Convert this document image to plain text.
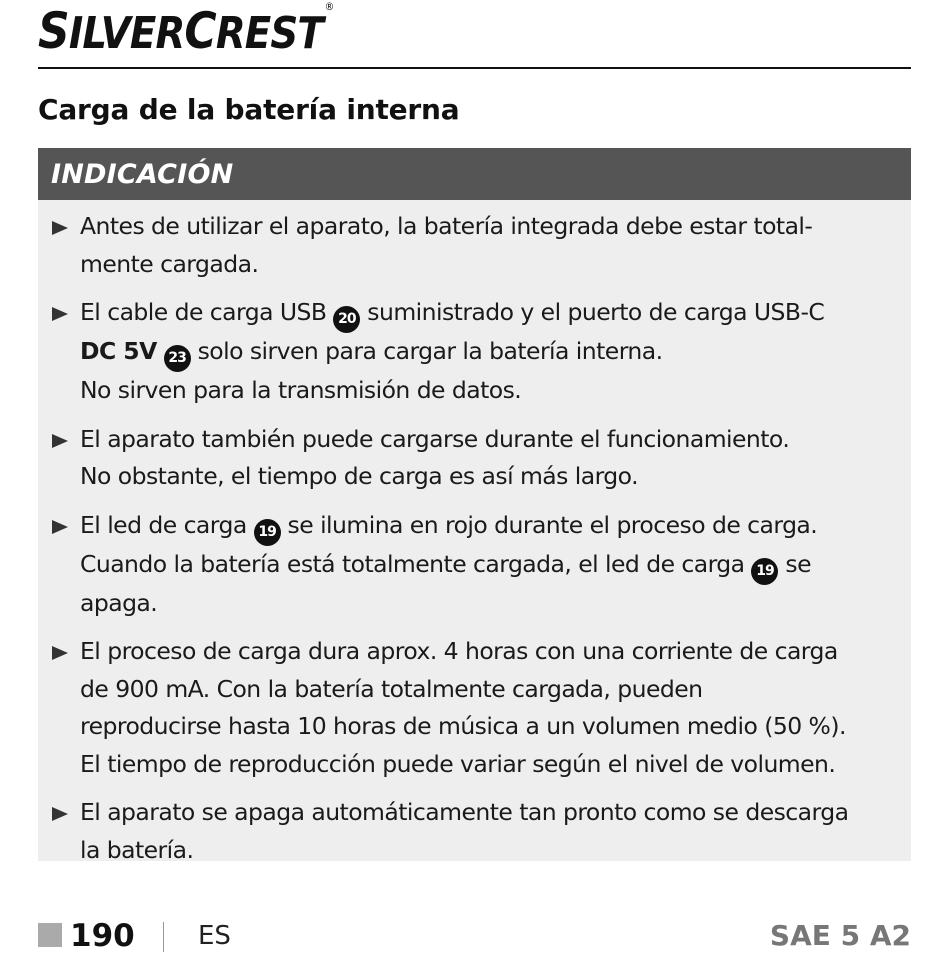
SILVERCREST®
Carga de la batería interna
INDICACIÓN
Antes de utilizar el aparato, la batería integrada debe estar total-
mente cargada.
El cable de carga USB 20 suministrado y el puerto de carga USB-C
DC 5V 23 solo sirven para cargar la batería interna.
No sirven para la transmisión de datos.
El aparato también puede cargarse durante el funcionamiento.
No obstante, el tiempo de carga es así más largo.
El led de carga 19 se ilumina en rojo durante el proceso de carga.
Cuando la batería está totalmente cargada, el led de carga 19 se
apaga.
El proceso de carga dura aprox. 4 horas con una corriente de carga
de 900 mA. Con la batería totalmente cargada, pueden
reproducirse hasta 10 horas de música a un volumen medio (50 %).
El tiempo de reproducción puede variar según el nivel de volumen.
El aparato se apaga automáticamente tan pronto como se descarga
la batería.
190 ES	SAE 5 A2
